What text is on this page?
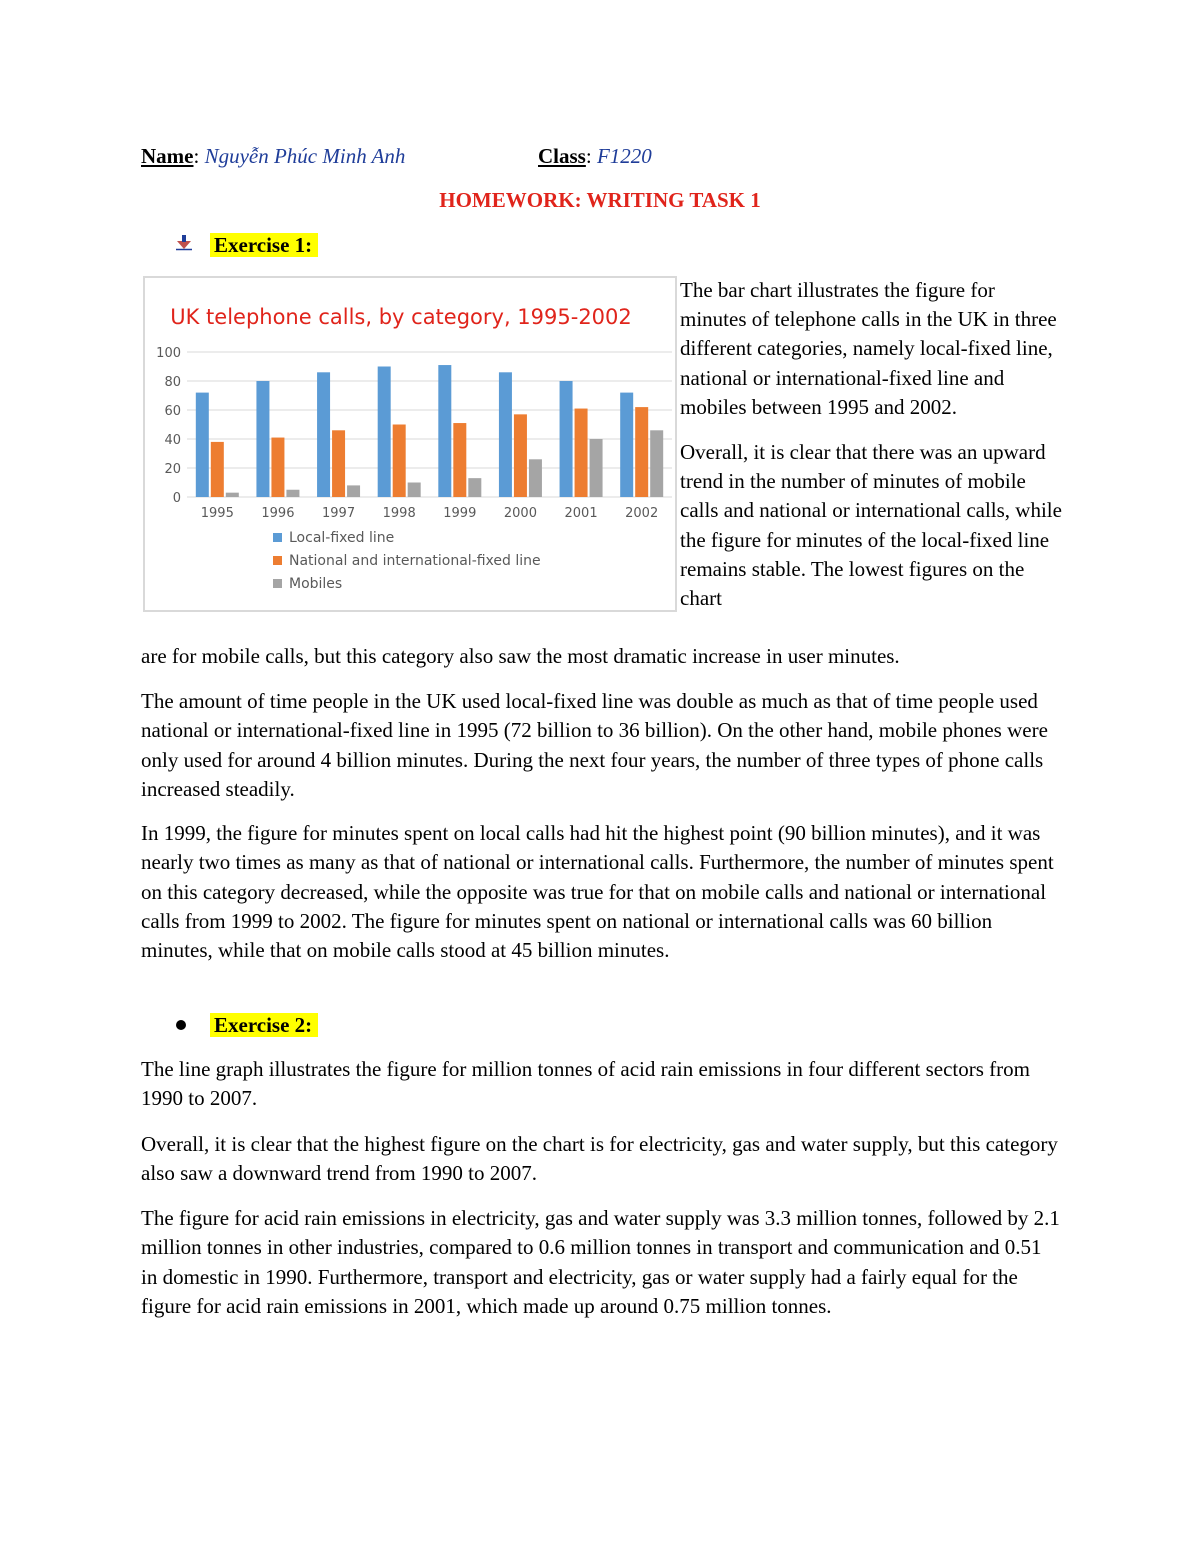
Name: Nguyễn Phúc Minh Anh	Class: F1220
HOMEWORK: WRITING TASK 1
Exercise 1:
UK telephone calls, by category, 1995-2002
0
20
40
60
80
100
1995 1996 1997 1998 1999 2000 2001 2002
Local-fixed line
National and international-fixed line
Mobiles

The bar chart illustrates the figure for minutes of telephone calls in the UK in three different categories, namely local-fixed line, national or international-fixed line and mobiles between 1995 and 2002.

Overall, it is clear that there was an upward trend in the number of minutes of mobile calls and national or international calls, while the figure for minutes of the local-fixed line remains stable. The lowest figures on the chart

are for mobile calls, but this category also saw the most dramatic increase in user minutes.

The amount of time people in the UK used local-fixed line was double as much as that of time people used national or international-fixed line in 1995 (72 billion to 36 billion). On the other hand, mobile phones were only used for around 4 billion minutes. During the next four years, the number of three types of phone calls increased steadily.

In 1999, the figure for minutes spent on local calls had hit the highest point (90 billion minutes), and it was nearly two times as many as that of national or international calls. Furthermore, the number of minutes spent on this category decreased, while the opposite was true for that on mobile calls and national or international calls from 1999 to 2002. The figure for minutes spent on national or international calls was 60 billion minutes, while that on mobile calls stood at 45 billion minutes.

Exercise 2:

The line graph illustrates the figure for million tonnes of acid rain emissions in four different sectors from 1990 to 2007.

Overall, it is clear that the highest figure on the chart is for electricity, gas and water supply, but this category also saw a downward trend from 1990 to 2007.

The figure for acid rain emissions in electricity, gas and water supply was 3.3 million tonnes, followed by 2.1 million tonnes in other industries, compared to 0.6 million tonnes in transport and communication and 0.51 in domestic in 1990. Furthermore, transport and electricity, gas or water supply had a fairly equal for the figure for acid rain emissions in 2001, which made up around 0.75 million tonnes.
